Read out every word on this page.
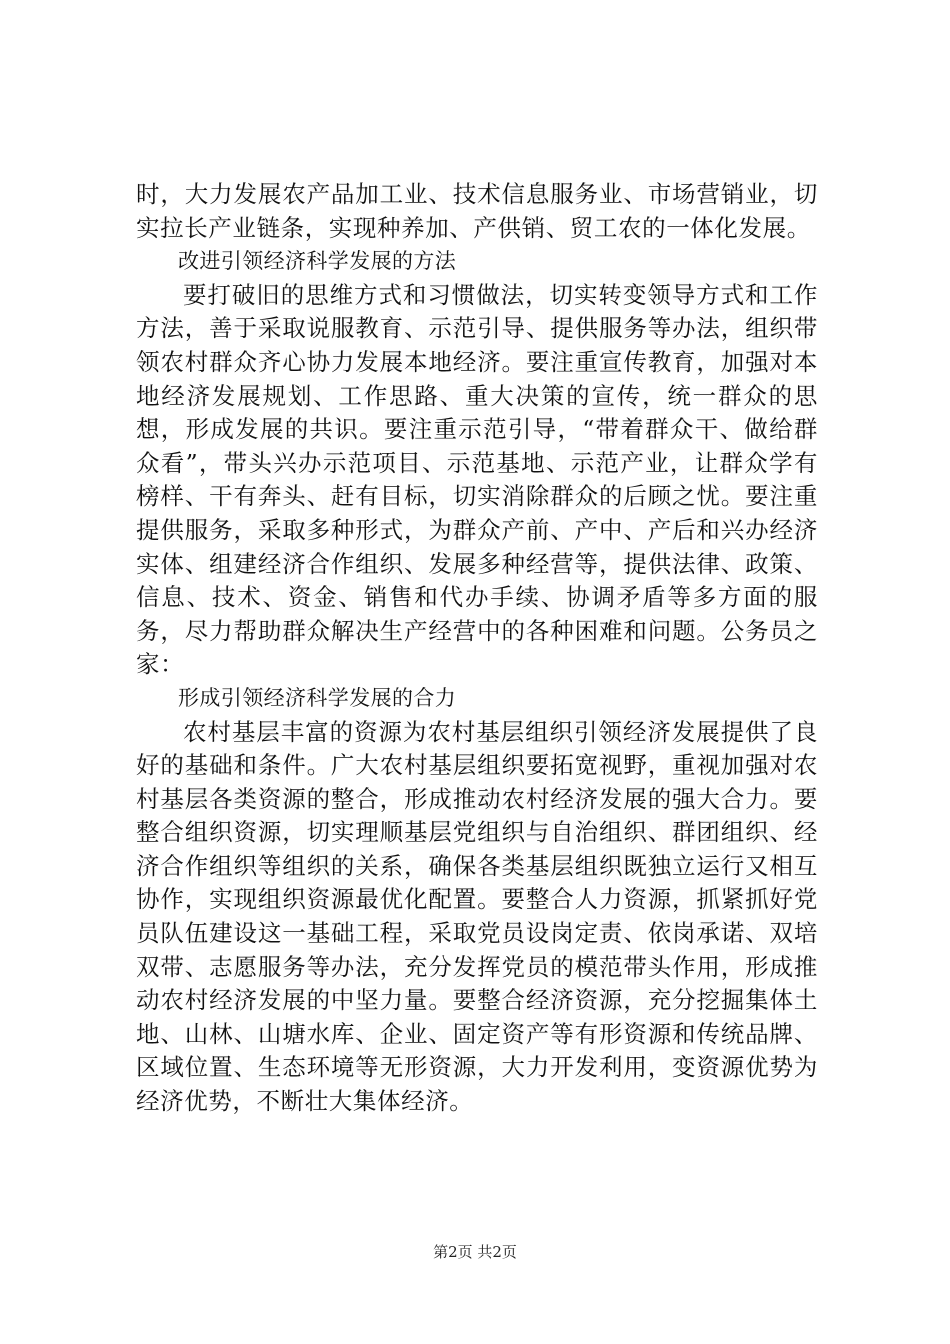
时，大力发展农产品加工业、技术信息服务业、市场营销业，切实拉长产业链条，实现种养加、产供销、贸工农的一体化发展。

改进引领经济科学发展的方法

要打破旧的思维方式和习惯做法，切实转变领导方式和工作方法，善于采取说服教育、示范引导、提供服务等办法，组织带领农村群众齐心协力发展本地经济。要注重宣传教育，加强对本地经济发展规划、工作思路、重大决策的宣传，统一群众的思想，形成发展的共识。要注重示范引导，“带着群众干、做给群众看”，带头兴办示范项目、示范基地、示范产业，让群众学有榜样、干有奔头、赶有目标，切实消除群众的后顾之忧。要注重提供服务，采取多种形式，为群众产前、产中、产后和兴办经济实体、组建经济合作组织、发展多种经营等，提供法律、政策、信息、技术、资金、销售和代办手续、协调矛盾等多方面的服务，尽力帮助群众解决生产经营中的各种困难和问题。公务员之家：

形成引领经济科学发展的合力

农村基层丰富的资源为农村基层组织引领经济发展提供了良好的基础和条件。广大农村基层组织要拓宽视野，重视加强对农村基层各类资源的整合，形成推动农村经济发展的强大合力。要整合组织资源，切实理顺基层党组织与自治组织、群团组织、经济合作组织等组织的关系，确保各类基层组织既独立运行又相互协作，实现组织资源最优化配置。要整合人力资源，抓紧抓好党员队伍建设这一基础工程，采取党员设岗定责、依岗承诺、双培双带、志愿服务等办法，充分发挥党员的模范带头作用，形成推动农村经济发展的中坚力量。要整合经济资源，充分挖掘集体土地、山林、山塘水库、企业、固定资产等有形资源和传统品牌、区域位置、生态环境等无形资源，大力开发利用，变资源优势为经济优势，不断壮大集体经济。

第2页 共2页
